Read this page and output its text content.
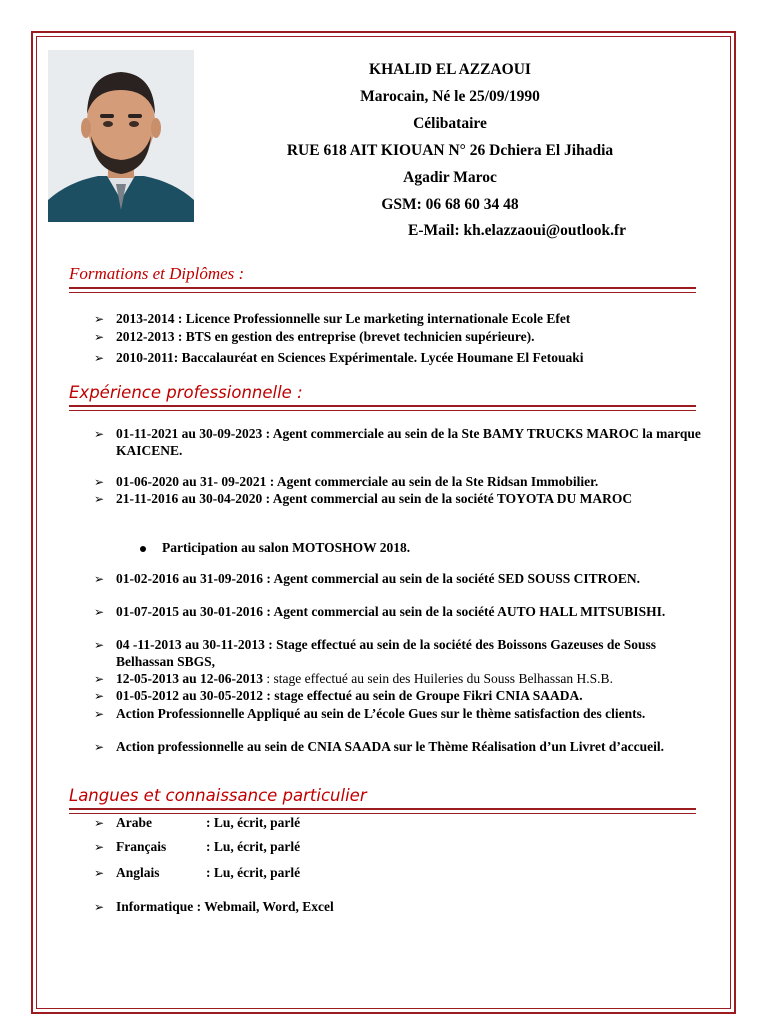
KHALID EL AZZAOUI
Marocain, Né le 25/09/1990
Célibataire
RUE 618 AIT KIOUAN N° 26 Dchiera El Jihadia
Agadir Maroc
GSM: 06 68 60 34 48
E-Mail: kh.elazzaoui@outlook.fr
Formations et Diplômes :
➢ 2013-2014 : Licence Professionnelle sur Le marketing internationale Ecole Efet
➢ 2012-2013 : BTS en gestion des entreprise (brevet technicien supérieure).
➢ 2010-2011: Baccalauréat en Sciences Expérimentale. Lycée Houmane El Fetouaki
Expérience professionnelle :
➢ 01-11-2021 au 30-09-2023 : Agent commerciale au sein de la Ste BAMY TRUCKS MAROC la marque KAICENE.
➢ 01-06-2020 au 31- 09-2021 : Agent commerciale au sein de la Ste Ridsan Immobilier.
➢ 21-11-2016 au 30-04-2020 : Agent commercial au sein de la société TOYOTA DU MAROC
Participation au salon MOTOSHOW 2018.
➢ 01-02-2016 au 31-09-2016 : Agent commercial au sein de la société SED SOUSS CITROEN.
➢ 01-07-2015 au 30-01-2016 : Agent commercial au sein de la société AUTO HALL MITSUBISHI.
➢ 04 -11-2013 au 30-11-2013 : Stage effectué au sein de la société des Boissons Gazeuses de Souss Belhassan SBGS,
➢ 12-05-2013 au 12-06-2013 : stage effectué au sein des Huileries du Souss Belhassan H.S.B.
➢ 01-05-2012 au 30-05-2012 : stage effectué au sein de Groupe Fikri CNIA SAADA.
➢ Action Professionnelle Appliqué au sein de L’école Gues sur le thème satisfaction des clients.
➢ Action professionnelle au sein de CNIA SAADA sur le Thème Réalisation d’un Livret d’accueil.
Langues et connaissance particulier
➢ Arabe	: Lu, écrit, parlé
➢ Français	: Lu, écrit, parlé
➢ Anglais	: Lu, écrit, parlé
➢ Informatique : Webmail, Word, Excel
